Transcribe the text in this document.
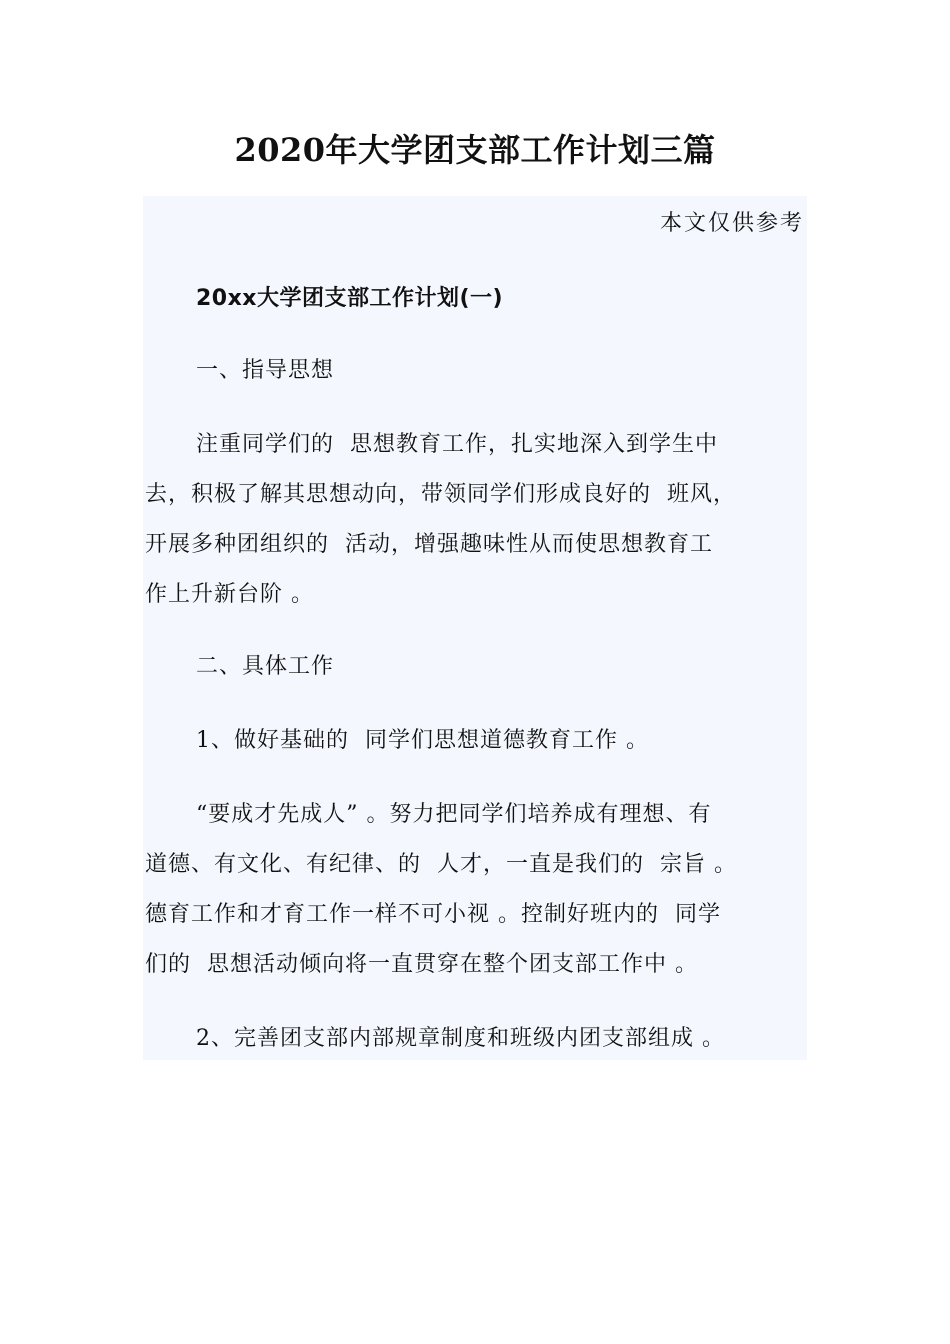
2020年大学团支部工作计划三篇
本文仅供参考
20xx大学团支部工作计划(一)
一、指导思想
注重同学们的  思想教育工作，扎实地深入到学生中
去，积极了解其思想动向，带领同学们形成良好的  班风，
开展多种团组织的  活动，增强趣味性从而使思想教育工
作上升新台阶 。
二、具体工作
1、做好基础的  同学们思想道德教育工作 。
“要成才先成人” 。努力把同学们培养成有理想、有
道德、有文化、有纪律、的  人才，一直是我们的  宗旨 。
德育工作和才育工作一样不可小视 。控制好班内的  同学
们的  思想活动倾向将一直贯穿在整个团支部工作中 。
2、完善团支部内部规章制度和班级内团支部组成 。
